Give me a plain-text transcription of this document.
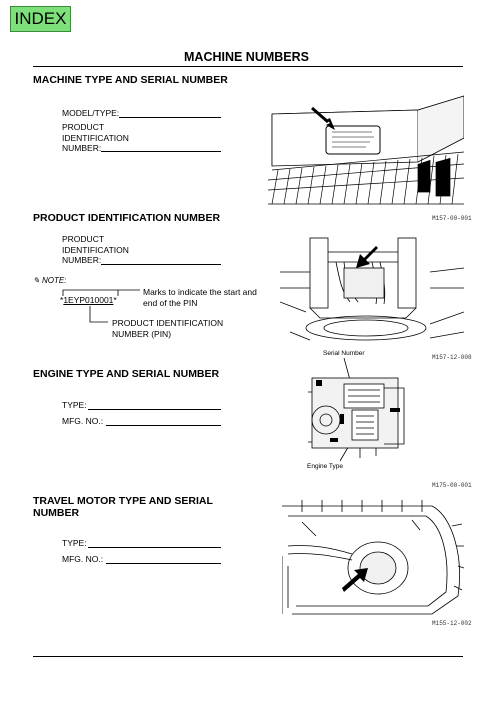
INDEX
MACHINE NUMBERS
MACHINE TYPE AND SERIAL NUMBER
MODEL/TYPE:
PRODUCT
IDENTIFICATION
NUMBER:
M157-00-001
PRODUCT IDENTIFICATION NUMBER
PRODUCT
IDENTIFICATION
NUMBER:
✎ NOTE:
*1EYP010001*
Marks to indicate the start and
end of the PIN
PRODUCT IDENTIFICATION
NUMBER (PIN)
M157-12-008
ENGINE TYPE AND SERIAL NUMBER
TYPE:
MFG. NO.:
Serial Number
Engine Type
M175-00-001
TRAVEL MOTOR TYPE AND SERIAL
NUMBER
TYPE:
MFG. NO.:
M155-12-002
